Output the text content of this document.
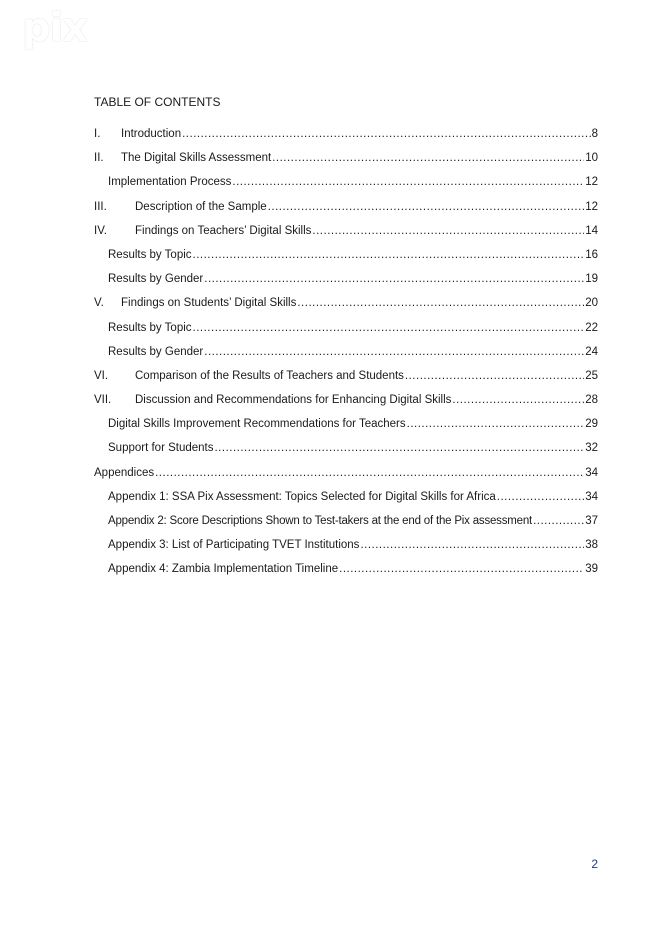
pix
TABLE OF CONTENTS
I.	Introduction .....	8
II.	The Digital Skills Assessment .....	10
Implementation Process .....	12
III.	Description of the Sample .....	12
IV.	Findings on Teachers’ Digital Skills .....	14
Results by Topic .....	16
Results by Gender .....	19
V.	Findings on Students’ Digital Skills .....	20
Results by Topic .....	22
Results by Gender .....	24
VI.	Comparison of the Results of Teachers and Students .....	25
VII.	Discussion and Recommendations for Enhancing Digital Skills .....	28
Digital Skills Improvement Recommendations for Teachers .....	29
Support for Students .....	32
Appendices .....	34
Appendix 1: SSA Pix Assessment: Topics Selected for Digital Skills for Africa .....	34
Appendix 2: Score Descriptions Shown to Test-takers at the end of the Pix assessment .....	37
Appendix 3: List of Participating TVET Institutions .....	38
Appendix 4: Zambia Implementation Timeline .....	39
2
